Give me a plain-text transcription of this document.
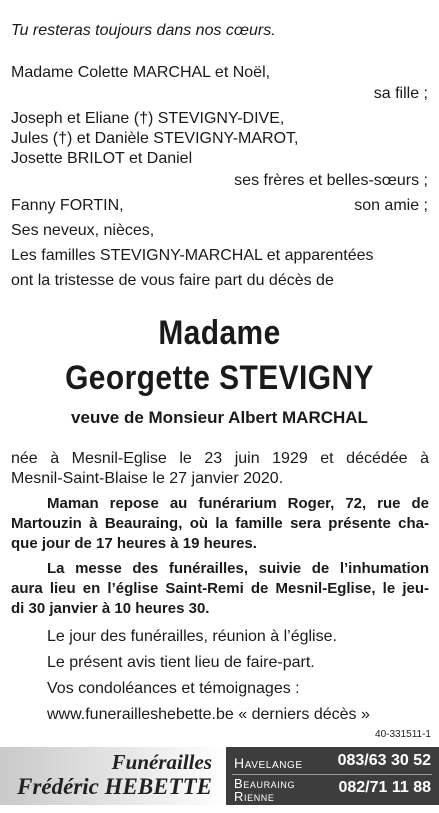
Tu resteras toujours dans nos cœurs.
Madame Colette MARCHAL et Noël,
sa fille ;
Joseph et Eliane (†) STEVIGNY-DIVE,
Jules (†) et Danièle STEVIGNY-MAROT,
Josette BRILOT et Daniel
ses frères et belles-sœurs ;
Fanny FORTIN,	son amie ;
Ses neveux, nièces,
Les familles STEVIGNY-MARCHAL et apparentées
ont la tristesse de vous faire part du décès de
Madame
Georgette STEVIGNY
veuve de Monsieur Albert MARCHAL
née à Mesnil-Eglise le 23 juin 1929 et décédée à
Mesnil-Saint-Blaise le 27 janvier 2020.
Maman repose au funérarium Roger, 72, rue de
Martouzin à Beauraing, où la famille sera présente cha-
que jour de 17 heures à 19 heures.
La messe des funérailles, suivie de l’inhumation
aura lieu en l’église Saint-Remi de Mesnil-Eglise, le jeu-
di 30 janvier à 10 heures 30.
Le jour des funérailles, réunion à l’église.
Le présent avis tient lieu de faire-part.
Vos condoléances et témoignages :
www.funerailleshebette.be « derniers décès »
40-331511-1
Funérailles
Frédéric HEBETTE
Havelange 083/63 30 52
Beauraing
Rienne
082/71 11 88
